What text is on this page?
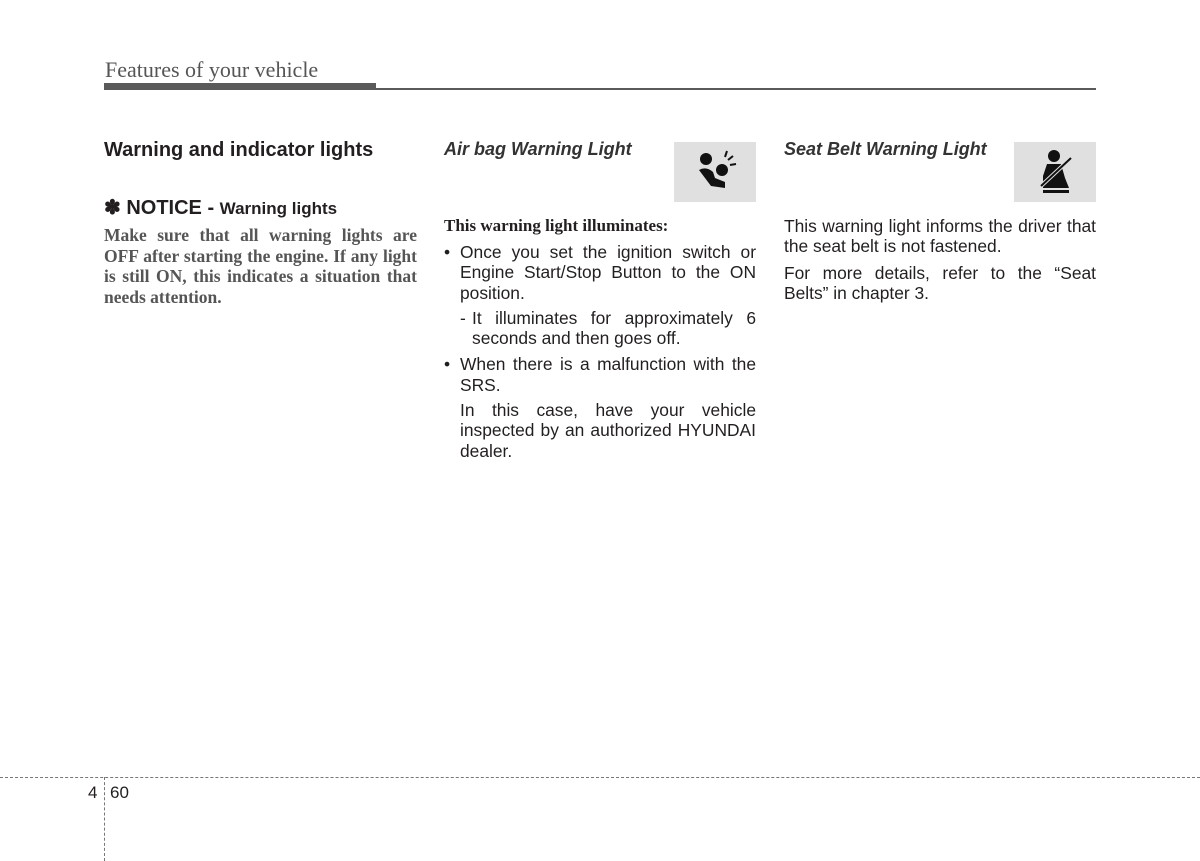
Features of your vehicle
Warning and indicator lights
✽ NOTICE - Warning lights
Make sure that all warning lights are OFF after starting the engine. If any light is still ON, this indicates a situation that needs attention.
Air bag Warning Light
This warning light illuminates:
• Once you set the ignition switch or Engine Start/Stop Button to the ON position.
- It illuminates for approximately 6 seconds and then goes off.
• When there is a malfunction with the SRS.
In this case, have your vehicle inspected by an authorized HYUNDAI dealer.
Seat Belt Warning Light
This warning light informs the driver that the seat belt is not fastened.
For more details, refer to the “Seat Belts” in chapter 3.
4 60
